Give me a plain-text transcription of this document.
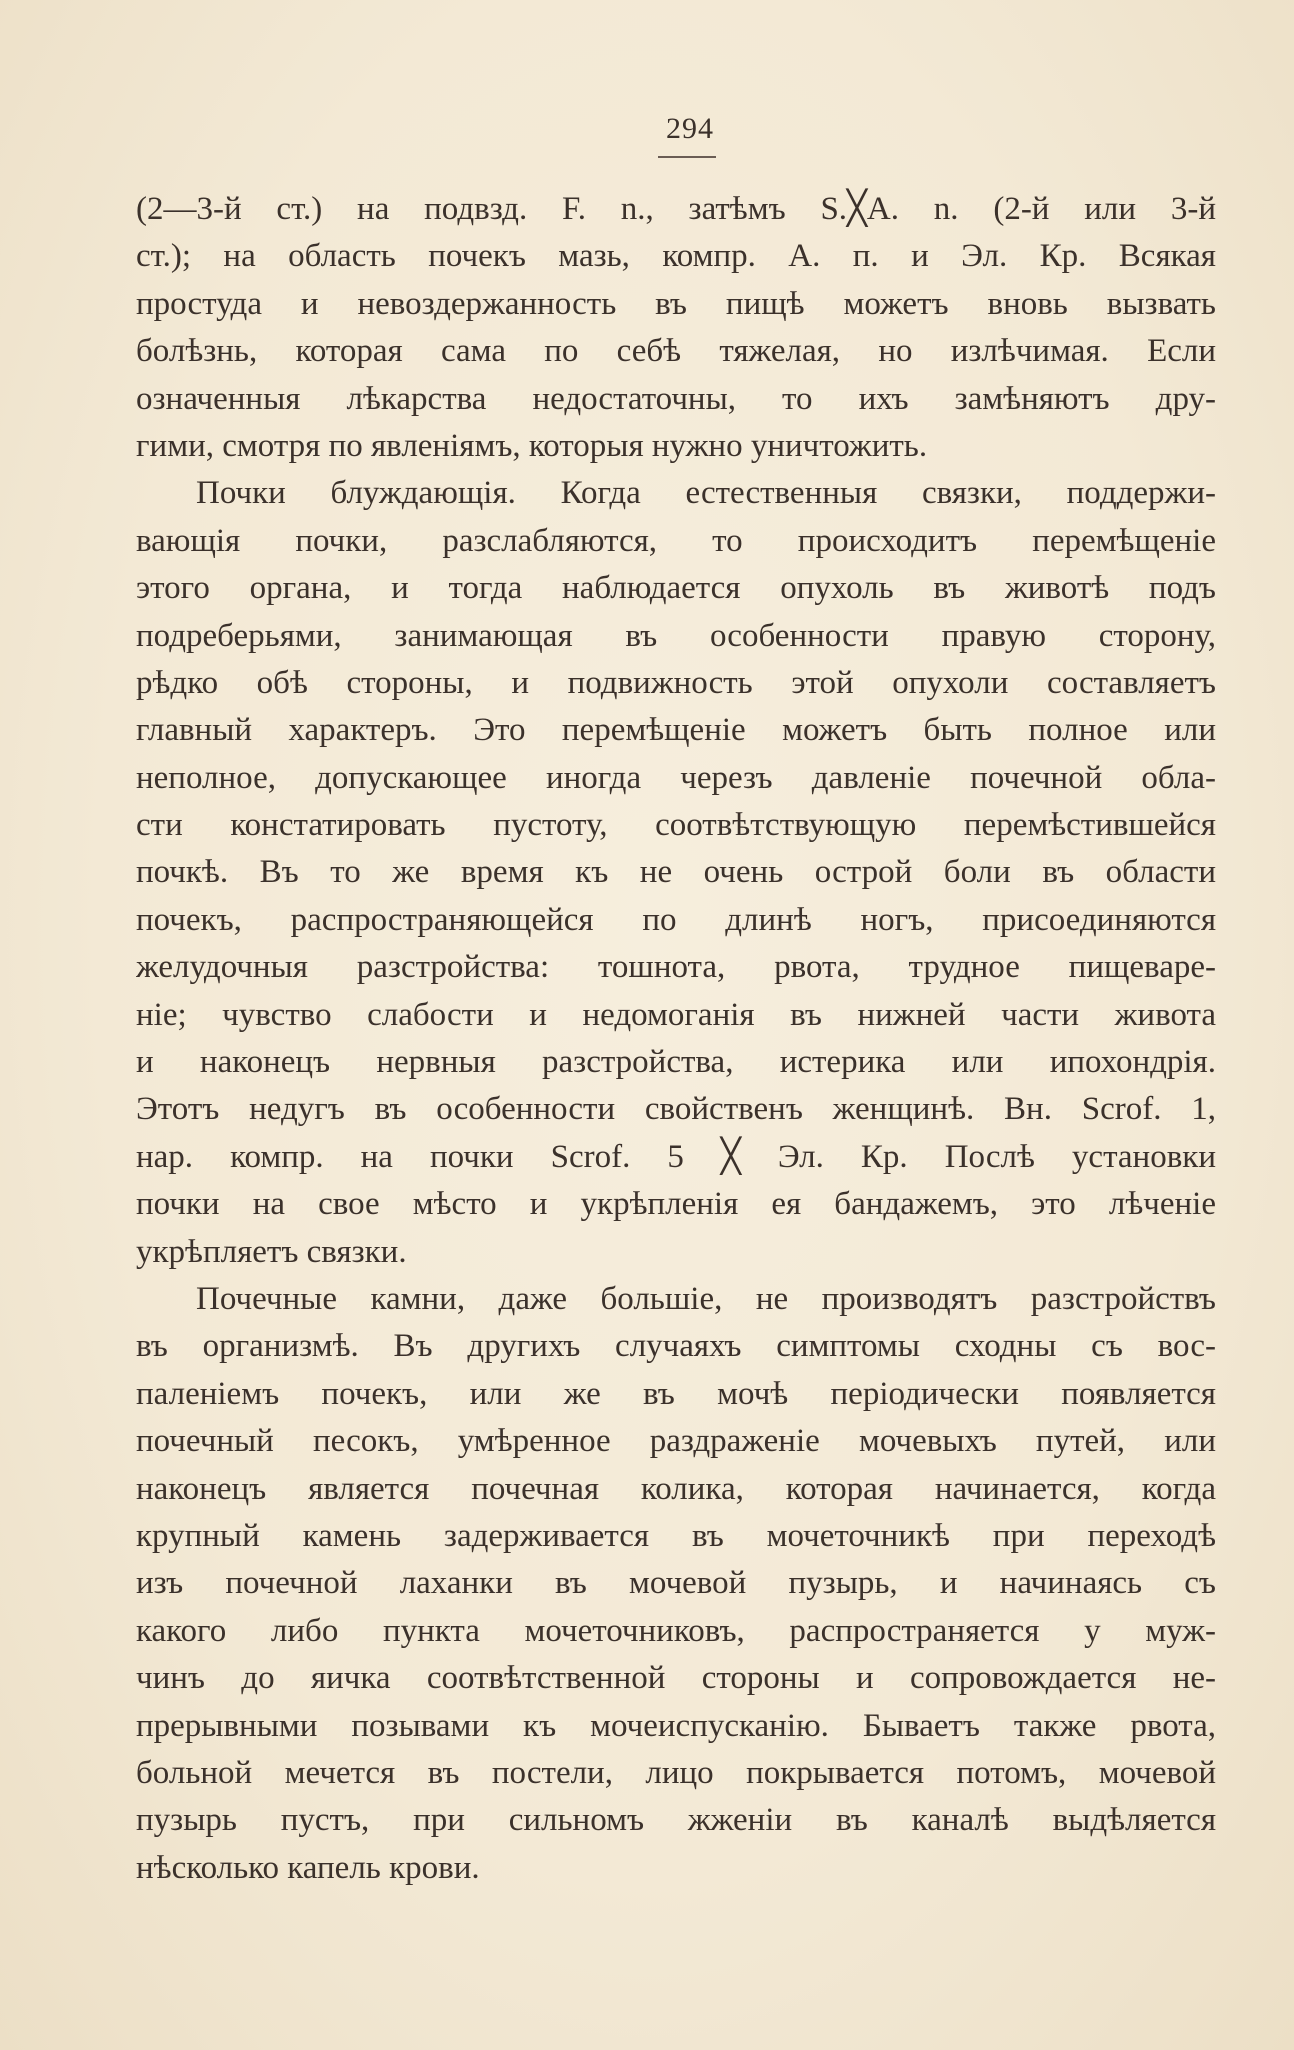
294
(2—3-й ст.) на подвзд. F. n., затѣмъ S.╳A. n. (2-й или 3-й
ст.); на область почекъ мазь, компр. А. п. и Эл. Кр. Всякая
простуда и невоздержанность въ пищѣ можетъ вновь вызвать
болѣзнь, которая сама по себѣ тяжелая, но излѣчимая. Если
означенныя лѣкарства недостаточны, то ихъ замѣняютъ дру-
гими, смотря по явленіямъ, которыя нужно уничтожить.
Почки блуждающія. Когда естественныя связки, поддержи-
вающія почки, разслабляются, то происходитъ перемѣщеніе
этого органа, и тогда наблюдается опухоль въ животѣ подъ
подреберьями, занимающая въ особенности правую сторону,
рѣдко обѣ стороны, и подвижность этой опухоли составляетъ
главный характеръ. Это перемѣщеніе можетъ быть полное или
неполное, допускающее иногда черезъ давленіе почечной обла-
сти констатировать пустоту, соотвѣтствующую перемѣстившейся
почкѣ. Въ то же время къ не очень острой боли въ области
почекъ, распространяющейся по длинѣ ногъ, присоединяются
желудочныя разстройства: тошнота, рвота, трудное пищеваре-
ніе; чувство слабости и недомоганія въ нижней части живота
и наконецъ нервныя разстройства, истерика или ипохондрія.
Этотъ недугъ въ особенности свойственъ женщинѣ. Вн. Scrof. 1,
нар. компр. на почки Scrof. 5 ╳ Эл. Кр. Послѣ установки
почки на свое мѣсто и укрѣпленія ея бандажемъ, это лѣченіе
укрѣпляетъ связки.
Почечные камни, даже большіе, не производятъ разстройствъ
въ организмѣ. Въ другихъ случаяхъ симптомы сходны съ вос-
паленіемъ почекъ, или же въ мочѣ періодически появляется
почечный песокъ, умѣренное раздраженіе мочевыхъ путей, или
наконецъ является почечная колика, которая начинается, когда
крупный камень задерживается въ мочеточникѣ при переходѣ
изъ почечной лаханки въ мочевой пузырь, и начинаясь съ
какого либо пункта мочеточниковъ, распространяется у муж-
чинъ до яичка соотвѣтственной стороны и сопровождается не-
прерывными позывами къ мочеиспусканію. Бываетъ также рвота,
больной мечется въ постели, лицо покрывается потомъ, мочевой
пузырь пустъ, при сильномъ жженіи въ каналѣ выдѣляется
нѣсколько капель крови.
